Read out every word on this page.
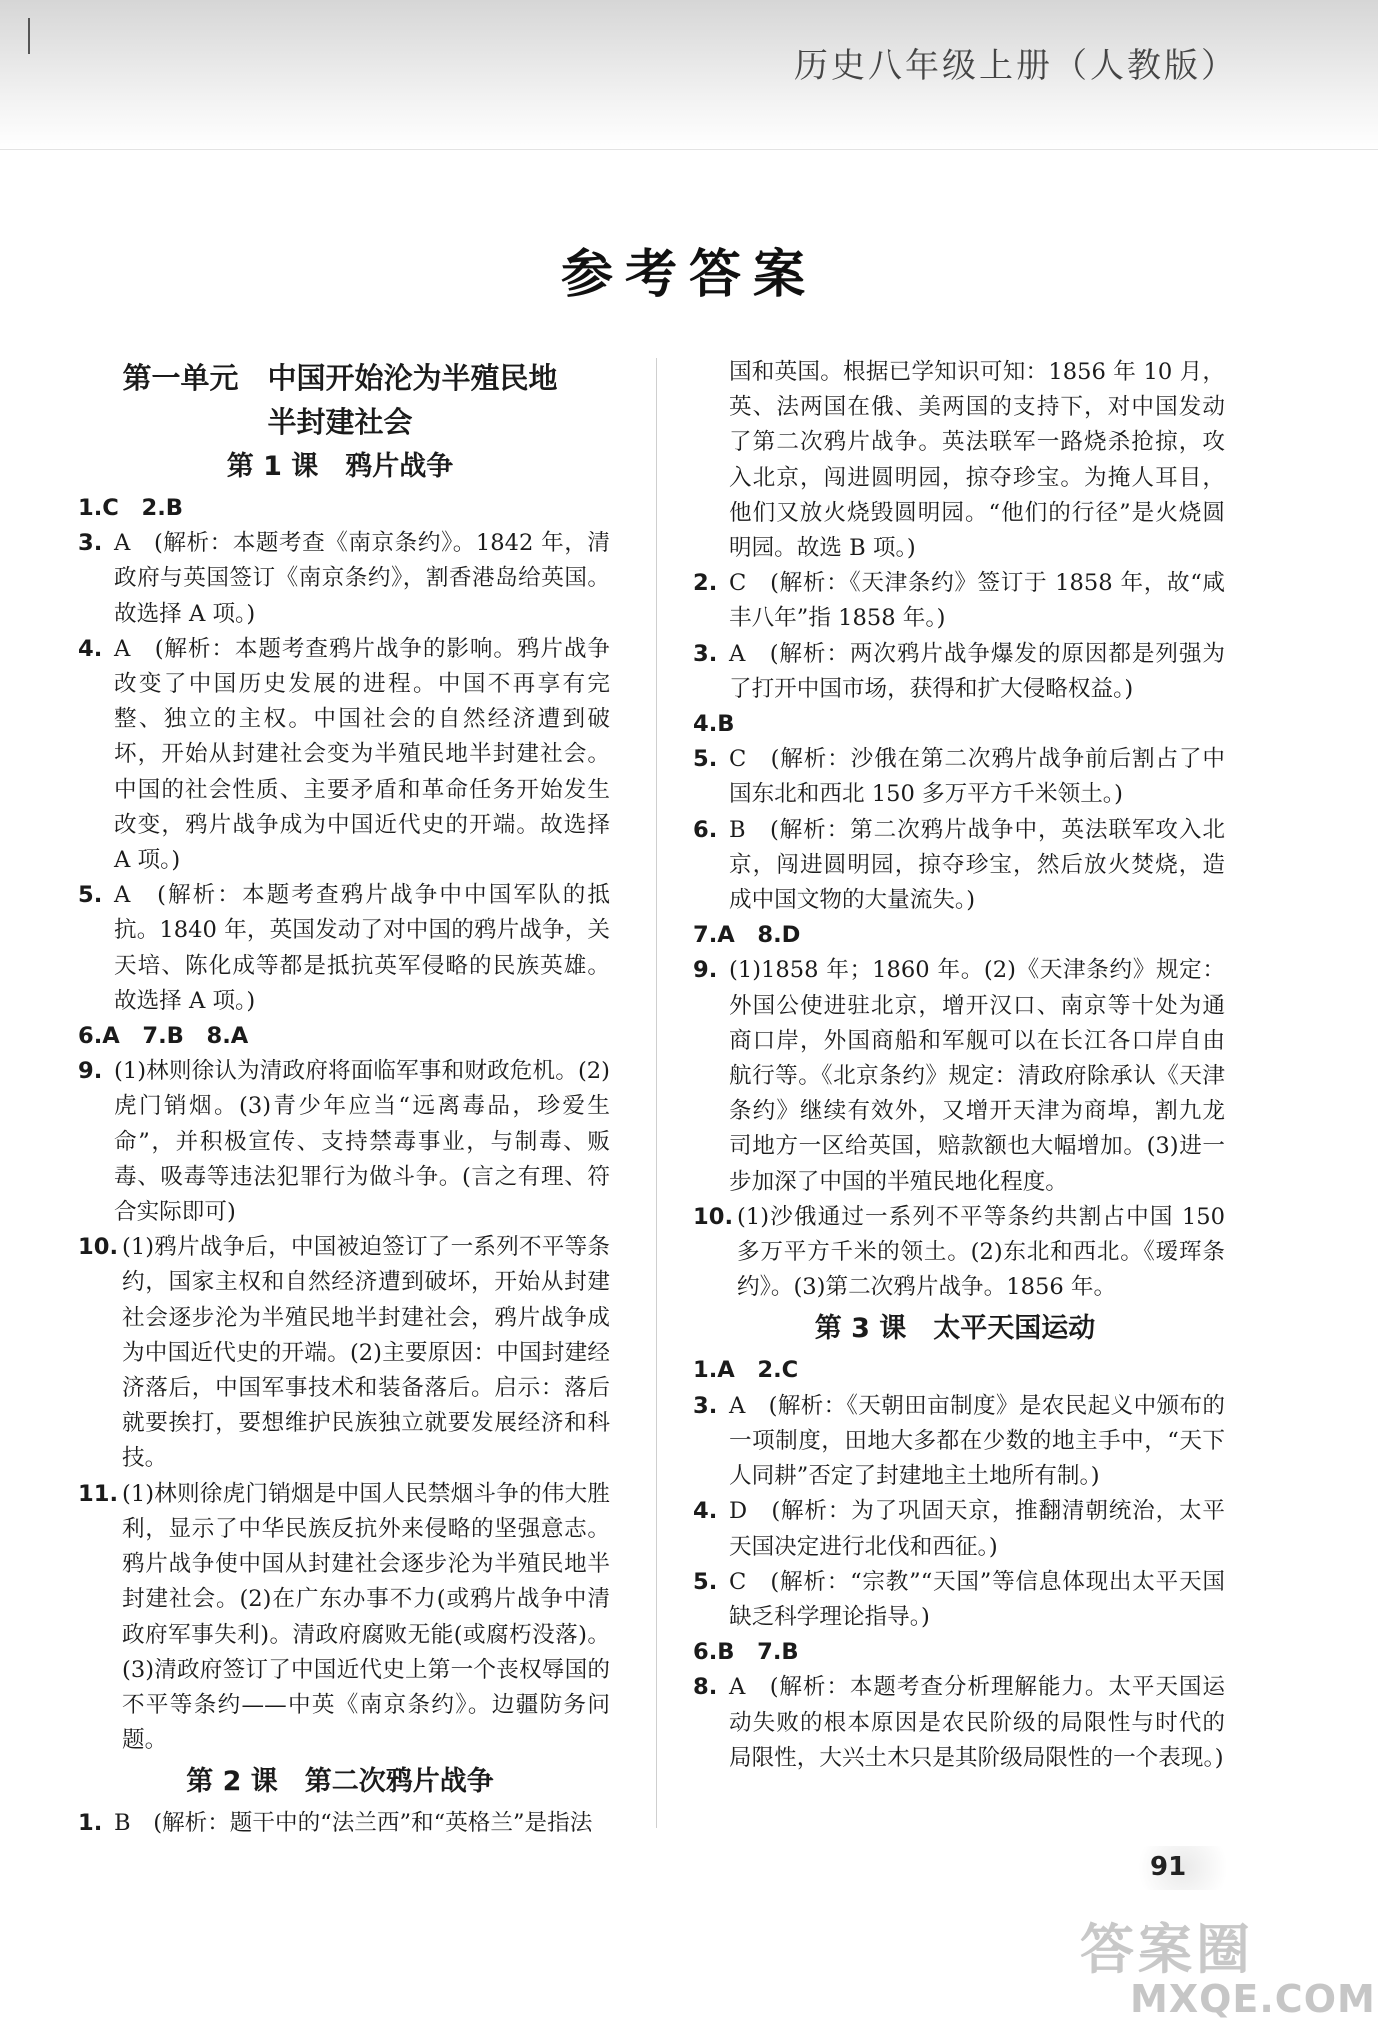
历史八年级上册（人教版）
参考答案
第一单元　中国开始沦为半殖民地
半封建社会
第 1 课　鸦片战争
1.C　2.B
3. A　(解析：本题考查《南京条约》。1842 年，清政府与英国签订《南京条约》，割香港岛给英国。故选择 A 项。)
4. A　(解析：本题考查鸦片战争的影响。鸦片战争改变了中国历史发展的进程。中国不再享有完整、独立的主权。中国社会的自然经济遭到破坏，开始从封建社会变为半殖民地半封建社会。中国的社会性质、主要矛盾和革命任务开始发生改变，鸦片战争成为中国近代史的开端。故选择 A 项。)
5. A　(解析：本题考查鸦片战争中中国军队的抵抗。1840 年，英国发动了对中国的鸦片战争，关天培、陈化成等都是抵抗英军侵略的民族英雄。故选择 A 项。)
6.A　7.B　8.A
9. (1)林则徐认为清政府将面临军事和财政危机。(2)虎门销烟。(3)青少年应当“远离毒品，珍爱生命”，并积极宣传、支持禁毒事业，与制毒、贩毒、吸毒等违法犯罪行为做斗争。(言之有理、符合实际即可)
10. (1)鸦片战争后，中国被迫签订了一系列不平等条约，国家主权和自然经济遭到破坏，开始从封建社会逐步沦为半殖民地半封建社会，鸦片战争成为中国近代史的开端。(2)主要原因：中国封建经济落后，中国军事技术和装备落后。启示：落后就要挨打，要想维护民族独立就要发展经济和科技。
11. (1)林则徐虎门销烟是中国人民禁烟斗争的伟大胜利，显示了中华民族反抗外来侵略的坚强意志。鸦片战争使中国从封建社会逐步沦为半殖民地半封建社会。(2)在广东办事不力(或鸦片战争中清政府军事失利)。清政府腐败无能(或腐朽没落)。(3)清政府签订了中国近代史上第一个丧权辱国的不平等条约——中英《南京条约》。边疆防务问题。
第 2 课　第二次鸦片战争
1. B　(解析：题干中的“法兰西”和“英格兰”是指法
国和英国。根据已学知识可知：1856 年 10 月，英、法两国在俄、美两国的支持下，对中国发动了第二次鸦片战争。英法联军一路烧杀抢掠，攻入北京，闯进圆明园，掠夺珍宝。为掩人耳目，他们又放火烧毁圆明园。“他们的行径”是火烧圆明园。故选 B 项。)
2. C　(解析：《天津条约》签订于 1858 年，故“咸丰八年”指 1858 年。)
3. A　(解析：两次鸦片战争爆发的原因都是列强为了打开中国市场，获得和扩大侵略权益。)
4.B
5. C　(解析：沙俄在第二次鸦片战争前后割占了中国东北和西北 150 多万平方千米领土。)
6. B　(解析：第二次鸦片战争中，英法联军攻入北京，闯进圆明园，掠夺珍宝，然后放火焚烧，造成中国文物的大量流失。)
7.A　8.D
9. (1)1858 年；1860 年。(2)《天津条约》规定：外国公使进驻北京，增开汉口、南京等十处为通商口岸，外国商船和军舰可以在长江各口岸自由航行等。《北京条约》规定：清政府除承认《天津条约》继续有效外，又增开天津为商埠，割九龙司地方一区给英国，赔款额也大幅增加。(3)进一步加深了中国的半殖民地化程度。
10. (1)沙俄通过一系列不平等条约共割占中国 150 多万平方千米的领土。(2)东北和西北。《瑷珲条约》。(3)第二次鸦片战争。1856 年。
第 3 课　太平天国运动
1.A　2.C
3. A　(解析：《天朝田亩制度》是农民起义中颁布的一项制度，田地大多都在少数的地主手中，“天下人同耕”否定了封建地主土地所有制。)
4. D　(解析：为了巩固天京，推翻清朝统治，太平天国决定进行北伐和西征。)
5. C　(解析：“宗教”“天国”等信息体现出太平天国缺乏科学理论指导。)
6.B　7.B
8. A　(解析：本题考查分析理解能力。太平天国运动失败的根本原因是农民阶级的局限性与时代的局限性，大兴土木只是其阶级局限性的一个表现。)
91
答案圈
MXQE.COM
